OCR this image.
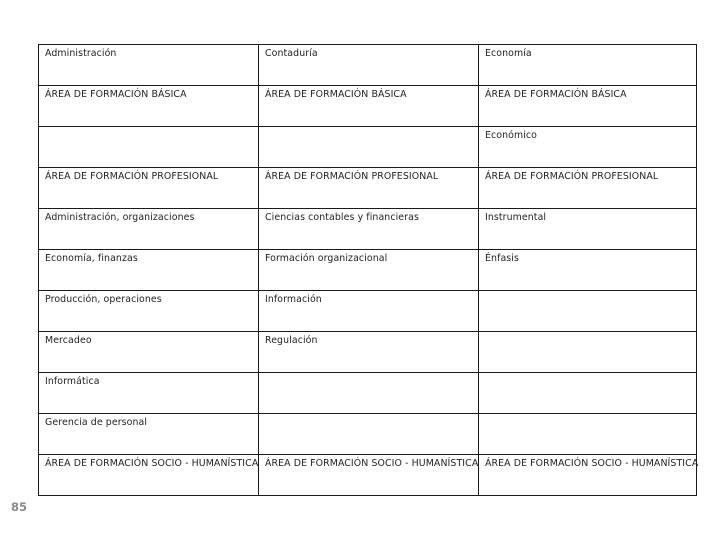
Administración	Contaduría	Economía
ÁREA DE FORMACIÓN BÁSICA	ÁREA DE FORMACIÓN BÁSICA	ÁREA DE FORMACIÓN BÁSICA
		Económico
ÁREA DE FORMACIÓN PROFESIONAL	ÁREA DE FORMACIÓN PROFESIONAL	ÁREA DE FORMACIÓN PROFESIONAL
Administración, organizaciones	Ciencias contables y financieras	Instrumental
Economía, finanzas	Formación organizacional	Énfasis
Producción, operaciones	Información	
Mercadeo	Regulación	
Informática		
Gerencia de personal		
ÁREA DE FORMACIÓN SOCIO - HUMANÍSTICA	ÁREA DE FORMACIÓN SOCIO - HUMANÍSTICA	ÁREA DE FORMACIÓN SOCIO - HUMANÍSTICA
85
